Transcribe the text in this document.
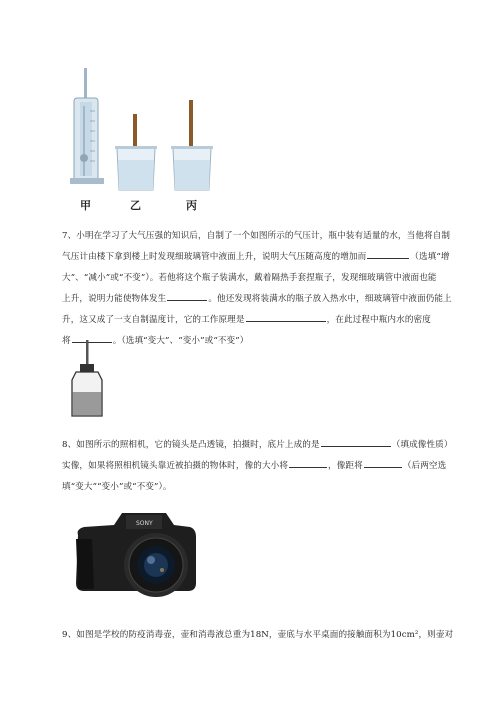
甲	乙	丙
7、小明在学习了大气压强的知识后，自制了一个如图所示的气压计，瓶中装有适量的水，当他将自制
气压计由楼下拿到楼上时发现细玻璃管中液面上升，说明大气压随高度的增加而	（选填“增
大”、“减小”或“不变”）。若他将这个瓶子装满水，戴着隔热手套捏瓶子，发现细玻璃管中液面也能
上升，说明力能使物体发生	。他还发现将装满水的瓶子放入热水中，细玻璃管中液面仍能上
升，这又成了一支自制温度计，它的工作原理是	，在此过程中瓶内水的密度
将	。（选填“变大”、“变小”或“不变”）
8、如图所示的照相机，它的镜头是凸透镜，拍摄时，底片上成的是	（填成像性质）
实像，如果将照相机镜头靠近被拍摄的物体时，像的大小将	，像距将	（后两空选
填“变大”“变小”或“不变”）。
SONY
9、如图是学校的防疫消毒壶，壶和消毒液总重为18N，壶底与水平桌面的接触面积为10cm²，则壶对
